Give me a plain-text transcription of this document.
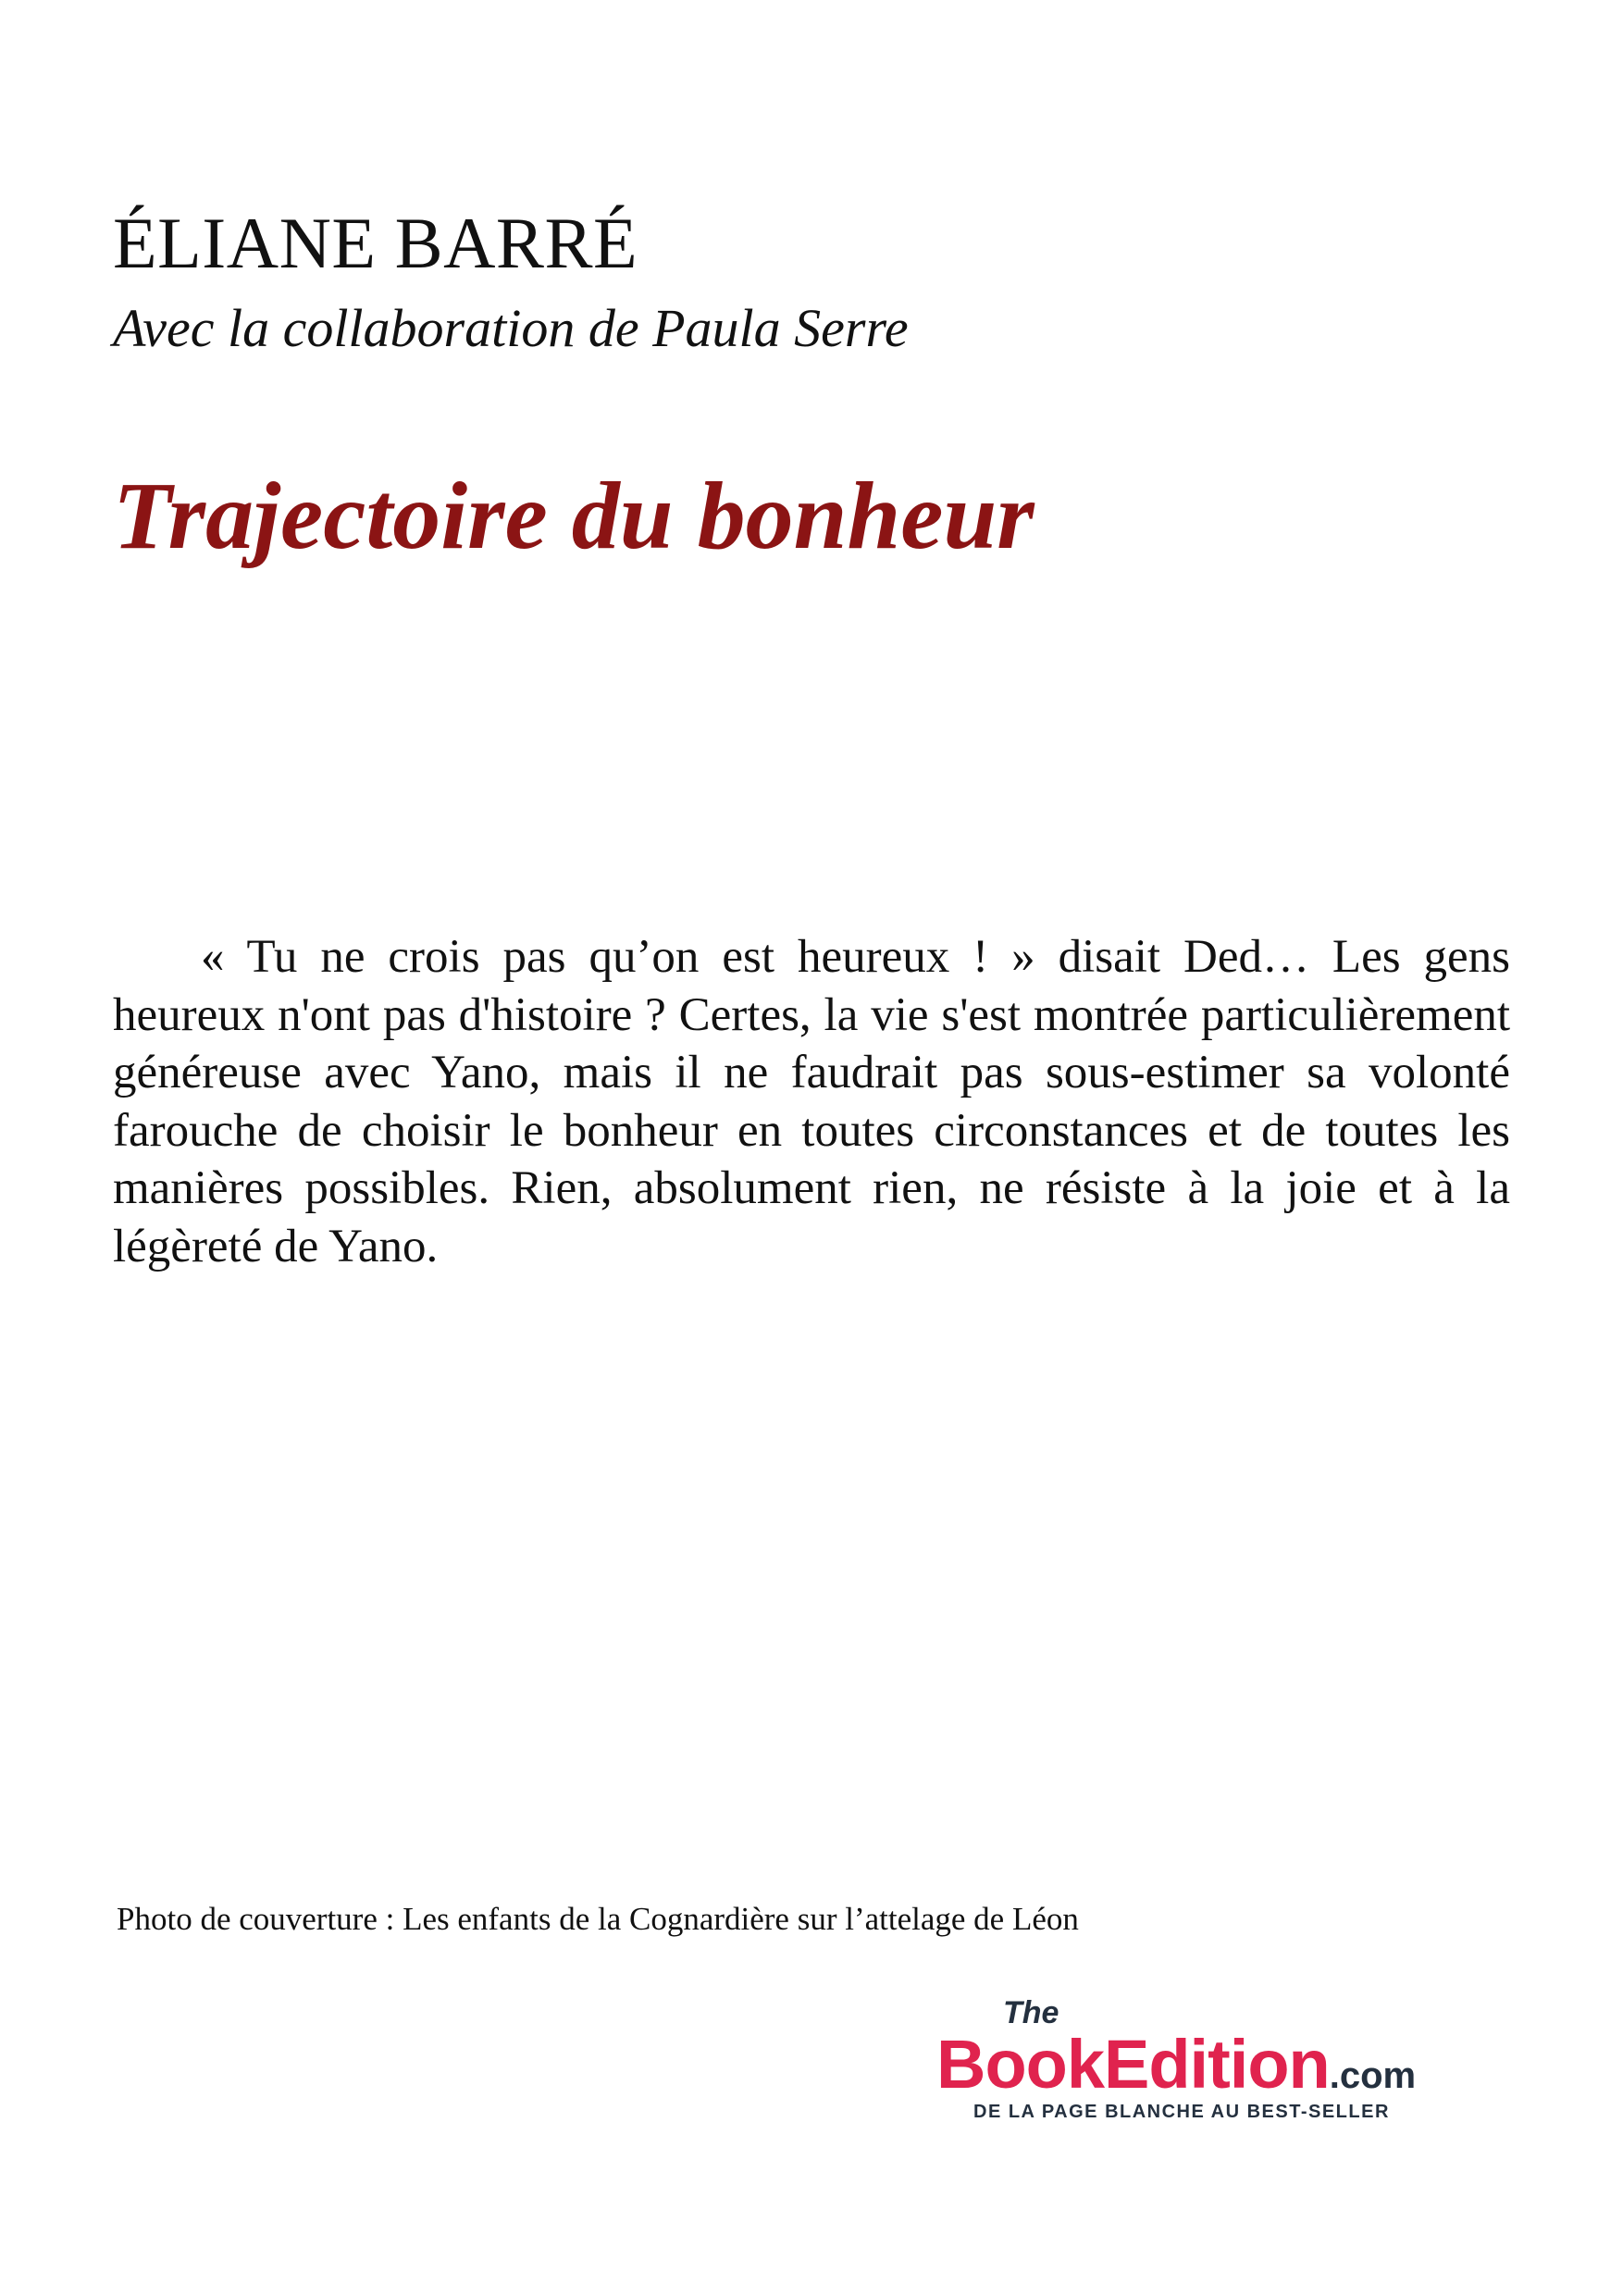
ÉLIANE BARRÉ
Avec la collaboration de Paula Serre
Trajectoire du bonheur

« Tu ne crois pas qu’on est heureux ! » disait Ded… Les gens heureux n'ont pas d'histoire ? Certes, la vie s'est montrée particulièrement généreuse avec Yano, mais il ne faudrait pas sous-estimer sa volonté farouche de choisir le bonheur en toutes circonstances et de toutes les manières possibles. Rien, absolument rien, ne résiste à la joie et à la légèreté de Yano.

Photo de couverture : Les enfants de la Cognardière sur l’attelage de Léon
The
BookEdition.com
DE LA PAGE BLANCHE AU BEST-SELLER
